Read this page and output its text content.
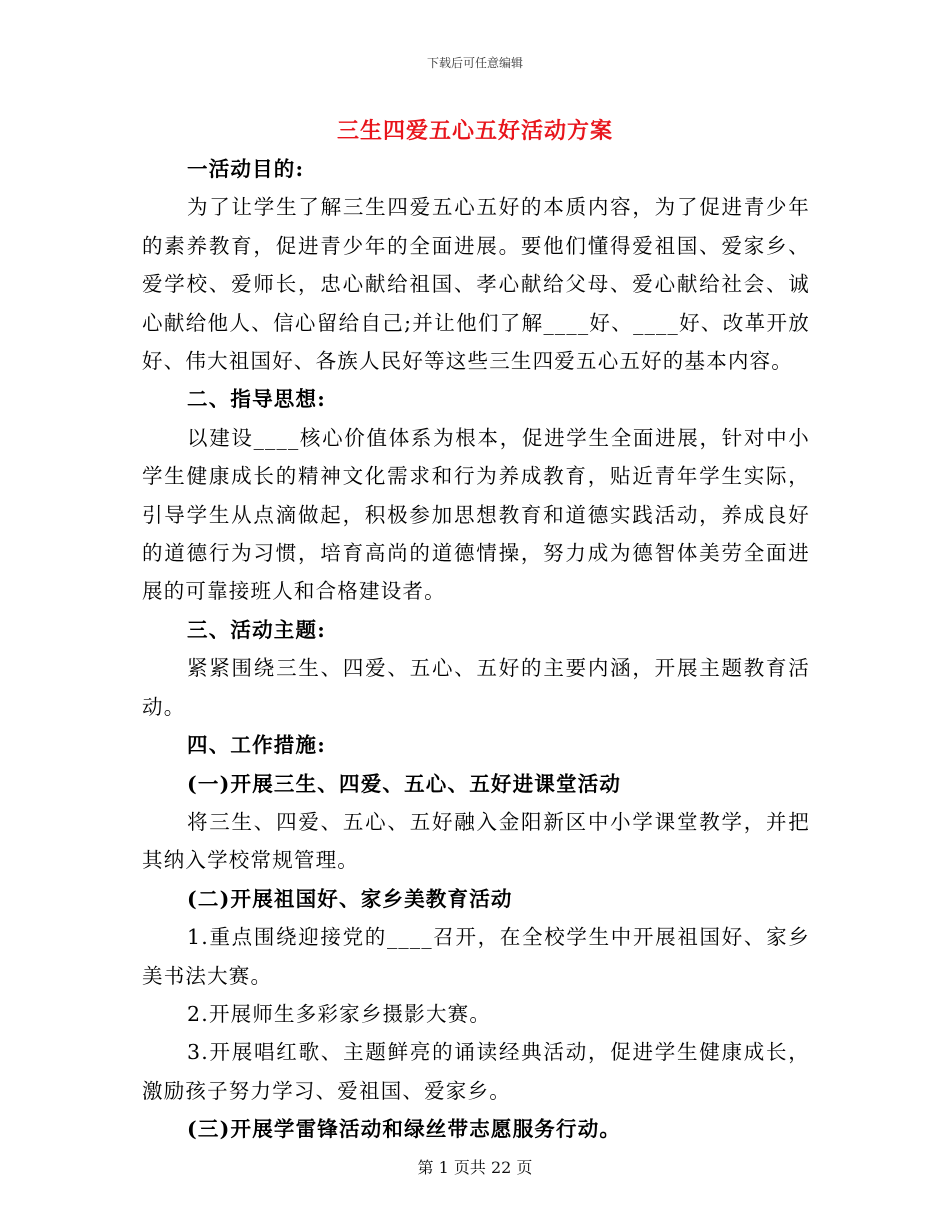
下载后可任意编辑
三生四爱五心五好活动方案

一活动目的:

为了让学生了解三生四爱五心五好的本质内容，为了促进青少年的素养教育，促进青少年的全面进展。要他们懂得爱祖国、爱家乡、爱学校、爱师长，忠心献给祖国、孝心献给父母、爱心献给社会、诚心献给他人、信心留给自己;并让他们了解____好、____好、改革开放好、伟大祖国好、各族人民好等这些三生四爱五心五好的基本内容。

二、指导思想:

以建设____核心价值体系为根本，促进学生全面进展，针对中小学生健康成长的精神文化需求和行为养成教育，贴近青年学生实际，引导学生从点滴做起，积极参加思想教育和道德实践活动，养成良好的道德行为习惯，培育高尚的道德情操，努力成为德智体美劳全面进展的可靠接班人和合格建设者。

三、活动主题:

紧紧围绕三生、四爱、五心、五好的主要内涵，开展主题教育活动。

四、工作措施:

(一)开展三生、四爱、五心、五好进课堂活动

将三生、四爱、五心、五好融入金阳新区中小学课堂教学，并把其纳入学校常规管理。

(二)开展祖国好、家乡美教育活动

1.重点围绕迎接党的____召开，在全校学生中开展祖国好、家乡美书法大赛。

2.开展师生多彩家乡摄影大赛。

3.开展唱红歌、主题鲜亮的诵读经典活动，促进学生健康成长，激励孩子努力学习、爱祖国、爱家乡。

(三)开展学雷锋活动和绿丝带志愿服务行动。

第 1 页共 22 页
